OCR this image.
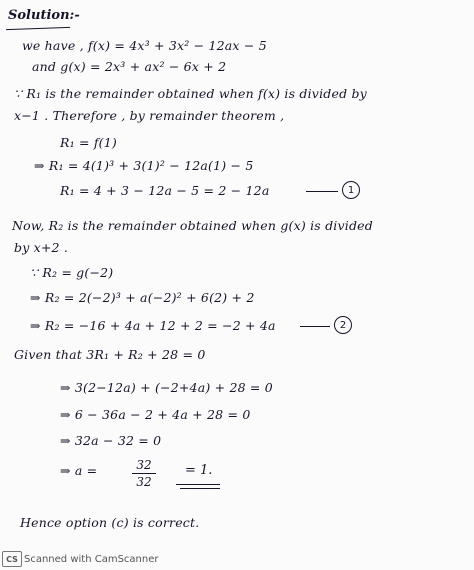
Solution:-
we have , f(x) = 4x³ + 3x² − 12ax − 5
and g(x) = 2x³ + ax² − 6x + 2
∵ R₁ is the remainder obtained when f(x) is divided by
x−1 . Therefore , by remainder theorem ,
R₁ = f(1)
⇒ R₁ = 4(1)³ + 3(1)² − 12a(1) − 5
R₁ = 4 + 3 − 12a − 5 = 2 − 12a	1
Now, R₂ is the remainder obtained when g(x) is divided
by x+2 .
∵ R₂ = g(−2)
⇒ R₂ = 2(−2)³ + a(−2)² + 6(2) + 2
⇒ R₂ = −16 + 4a + 12 + 2 = −2 + 4a	2
Given that 3R₁ + R₂ + 28 = 0
⇒ 3(2−12a) + (−2+4a) + 28 = 0
⇒ 6 − 36a − 2 + 4a + 28 = 0
⇒ 32a − 32 = 0
⇒ a =	32
32
= 1.
Hence option (c) is correct.
CS Scanned with CamScanner
